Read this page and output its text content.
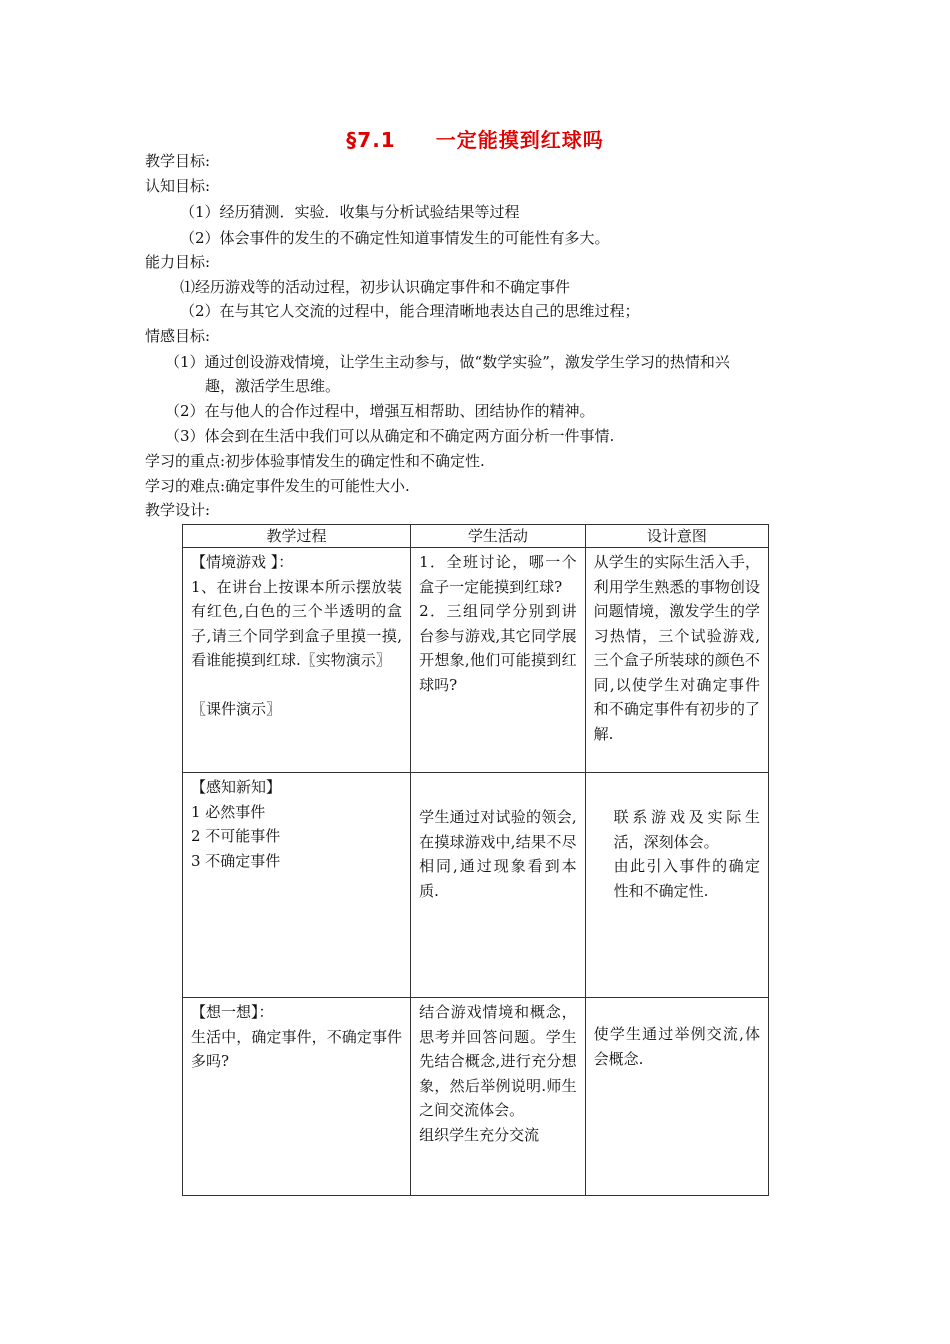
§7.1 一定能摸到红球吗
教学目标:
认知目标:
（1）经历猜测．实验．收集与分析试验结果等过程
（2）体会事件的发生的不确定性知道事情发生的可能性有多大。
能力目标:
⑴经历游戏等的活动过程，初步认识确定事件和不确定事件
（2）在与其它人交流的过程中，能合理清晰地表达自己的思维过程；
情感目标:
（1）通过创设游戏情境，让学生主动参与，做“数学实验”，激发学生学习的热情和兴
趣，激活学生思维。
（2）在与他人的合作过程中，增强互相帮助、团结协作的精神。
（3）体会到在生活中我们可以从确定和不确定两方面分析一件事情.
学习的重点:初步体验事情发生的确定性和不确定性.
学习的难点:确定事件发生的可能性大小.
教学设计:
教学过程	学生活动	设计意图

【情境游戏 】：
1、在讲台上按课本所示摆放装有红色,白色的三个半透明的盒子,请三个同学到盒子里摸一摸,看谁能摸到红球.〖实物演示〗
〖课件演示〗	1．全班讨论，哪一个盒子一定能摸到红球?
2．三组同学分别到讲台参与游戏,其它同学展开想象,他们可能摸到红球吗?	从学生的实际生活入手，利用学生熟悉的事物创设问题情境，激发学生的学习热情，三个试验游戏,三个盒子所装球的颜色不同,以使学生对确定事件和不确定事件有初步的了解.

【感知新知】
1 必然事件
2 不可能事件
3 不确定事件	学生通过对试验的领会,在摸球游戏中,结果不尽相同,通过现象看到本质.	联系游戏及实际生活，深刻体会。
由此引入事件的确定性和不确定性.

【想一想】：
生活中，确定事件，不确定事件多吗?	结合游戏情境和概念，思考并回答问题。学生先结合概念,进行充分想象，然后举例说明.师生之间交流体会。
组织学生充分交流	使学生通过举例交流,体会概念.
